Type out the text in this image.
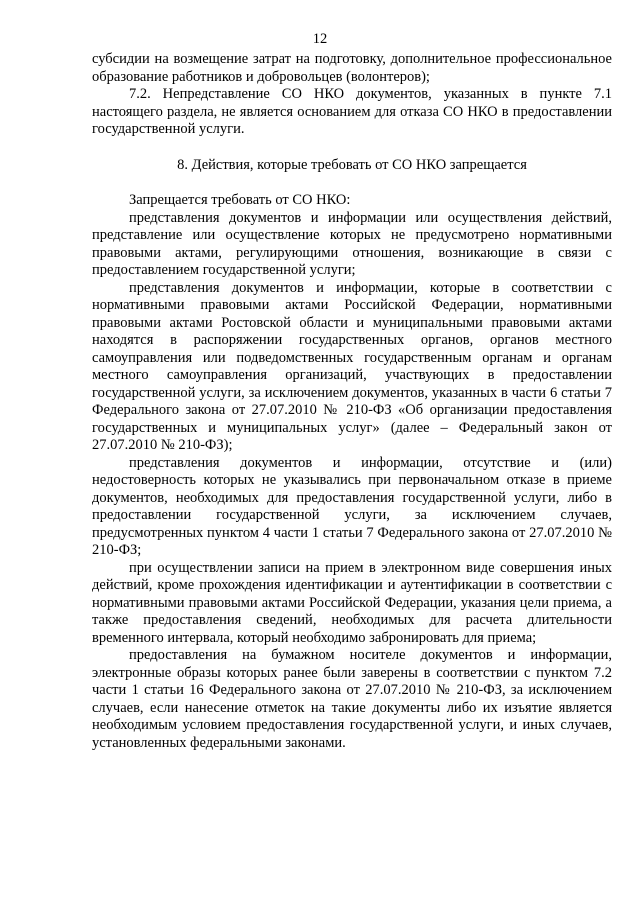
12

субсидии на возмещение затрат на подготовку, дополнительное профессиональное образование работников и добровольцев (волонтеров);

7.2. Непредставление СО НКО документов, указанных в пункте 7.1 настоящего раздела, не является основанием для отказа СО НКО в предоставлении государственной услуги.

8. Действия, которые требовать от СО НКО запрещается

Запрещается требовать от СО НКО:

представления документов и информации или осуществления действий, представление или осуществление которых не предусмотрено нормативными правовыми актами, регулирующими отношения, возникающие в связи с предоставлением государственной услуги;

представления документов и информации, которые в соответствии с нормативными правовыми актами Российской Федерации, нормативными правовыми актами Ростовской области и муниципальными правовыми актами находятся в распоряжении государственных органов, органов местного самоуправления или подведомственных государственным органам и органам местного самоуправления организаций, участвующих в предоставлении государственной услуги, за исключением документов, указанных в части 6 статьи 7 Федерального закона от 27.07.2010 № 210-ФЗ «Об организации предоставления государственных и муниципальных услуг» (далее – Федеральный закон от 27.07.2010 № 210-ФЗ);

представления документов и информации, отсутствие и (или) недостоверность которых не указывались при первоначальном отказе в приеме документов, необходимых для предоставления государственной услуги, либо в предоставлении государственной услуги, за исключением случаев, предусмотренных пунктом 4 части 1 статьи 7 Федерального закона от 27.07.2010 № 210-ФЗ;

при осуществлении записи на прием в электронном виде совершения иных действий, кроме прохождения идентификации и аутентификации в соответствии с нормативными правовыми актами Российской Федерации, указания цели приема, а также предоставления сведений, необходимых для расчета длительности временного интервала, который необходимо забронировать для приема;

предоставления на бумажном носителе документов и информации, электронные образы которых ранее были заверены в соответствии с пунктом 7.2 части 1 статьи 16 Федерального закона от 27.07.2010 № 210-ФЗ, за исключением случаев, если нанесение отметок на такие документы либо их изъятие является необходимым условием предоставления государственной услуги, и иных случаев, установленных федеральными законами.
